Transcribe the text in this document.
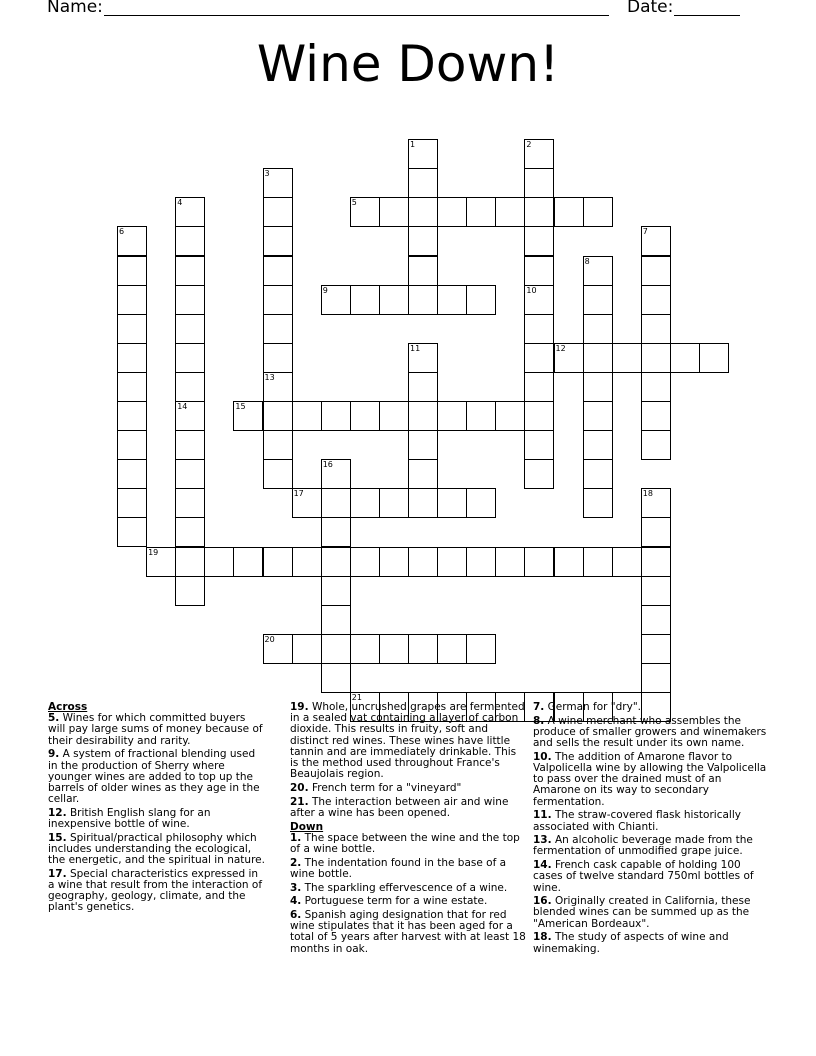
Name:	Date:
Wine Down!
5
9
12
15
17
19
20
21
1	2
3
4
6	7
8
10
11
13
14
16
18
Across
5. Wines for which committed buyers will pay large sums of money because of their desirability and rarity.
9. A system of fractional blending used in the production of Sherry where younger wines are added to top up the barrels of older wines as they age in the cellar.
12. British English slang for an inexpensive bottle of wine.
15. Spiritual/practical philosophy which includes understanding the ecological, the energetic, and the spiritual in nature.
17. Special characteristics expressed in a wine that result from the interaction of geography, geology, climate, and the plant's genetics.
19. Whole, uncrushed grapes are fermented in a sealed vat containing a layer of carbon dioxide. This results in fruity, soft and distinct red wines. These wines have little tannin and are immediately drinkable. This is the method used throughout France's Beaujolais region.
20. French term for a "vineyard"
21. The interaction between air and wine after a wine has been opened.
Down
1. The space between the wine and the top of a wine bottle.
2. The indentation found in the base of a wine bottle.
3. The sparkling effervescence of a wine.
4. Portuguese term for a wine estate.
6. Spanish aging designation that for red wine stipulates that it has been aged for a total of 5 years after harvest with at least 18 months in oak.
7. German for "dry".
8. A wine merchant who assembles the produce of smaller growers and winemakers and sells the result under its own name.
10. The addition of Amarone flavor to Valpolicella wine by allowing the Valpolicella to pass over the drained must of an Amarone on its way to secondary fermentation.
11. The straw-covered flask historically associated with Chianti.
13. An alcoholic beverage made from the fermentation of unmodified grape juice.
14. French cask capable of holding 100 cases of twelve standard 750ml bottles of wine.
16. Originally created in California, these blended wines can be summed up as the "American Bordeaux".
18. The study of aspects of wine and winemaking.
